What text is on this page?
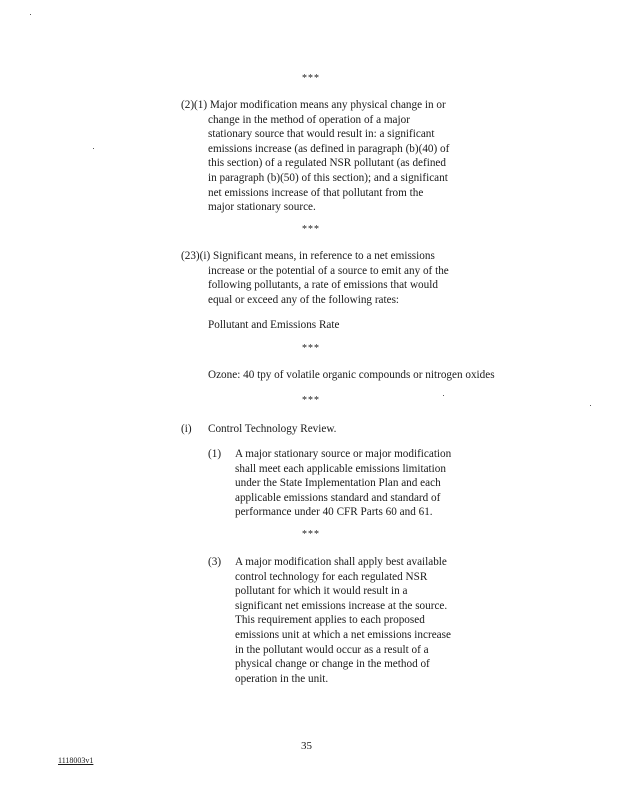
***
(2)(1) Major modification means any physical change in or
change in the method of operation of a major
stationary source that would result in: a significant
emissions increase (as defined in paragraph (b)(40) of
this section) of a regulated NSR pollutant (as defined
in paragraph (b)(50) of this section); and a significant
net emissions increase of that pollutant from the
major stationary source.
***
(23)(i) Significant means, in reference to a net emissions
increase or the potential of a source to emit any of the
following pollutants, a rate of emissions that would
equal or exceed any of the following rates:
Pollutant and Emissions Rate
***
Ozone: 40 tpy of volatile organic compounds or nitrogen oxides
***
(i) Control Technology Review.
(1) A major stationary source or major modification
shall meet each applicable emissions limitation
under the State Implementation Plan and each
applicable emissions standard and standard of
performance under 40 CFR Parts 60 and 61.
***
(3) A major modification shall apply best available
control technology for each regulated NSR
pollutant for which it would result in a
significant net emissions increase at the source.
This requirement applies to each proposed
emissions unit at which a net emissions increase
in the pollutant would occur as a result of a
physical change or change in the method of
operation in the unit.
35
1118003v1
